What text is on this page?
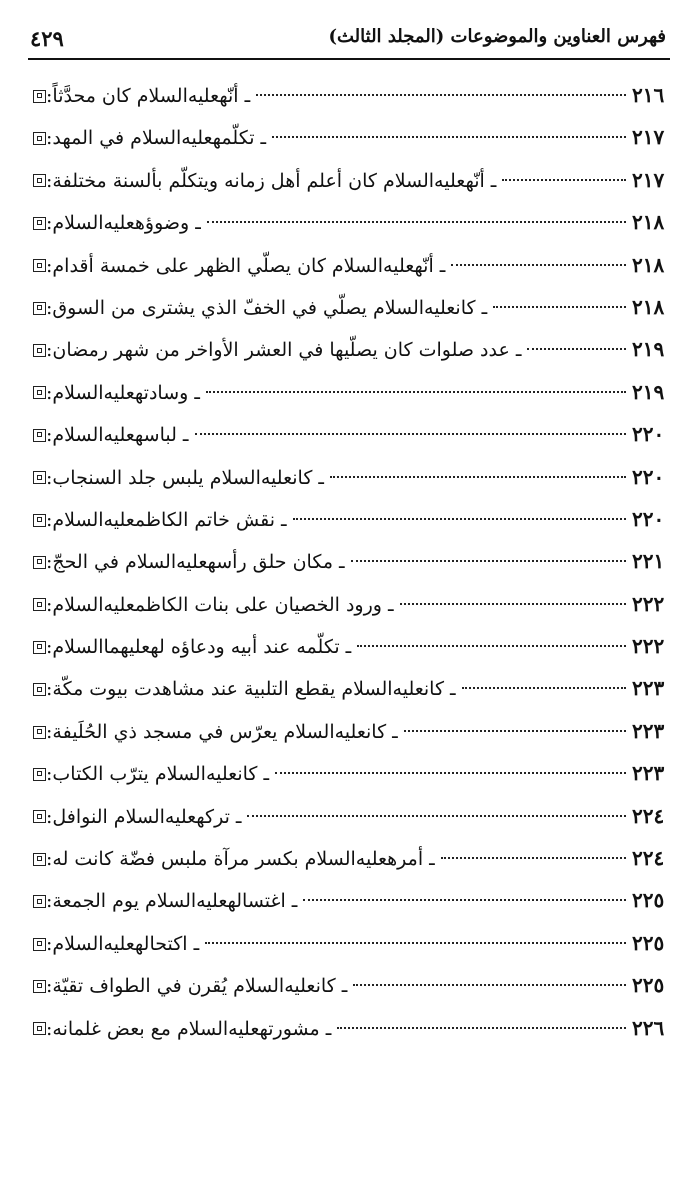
فهرس العناوين والموضوعات (المجلد الثالث)
٤٢٩
ـ أنّهعليه‌السلام كان محدَّثاً:	٢١٦
ـ تكلّمهعليه‌السلام في المهد:	٢١٧
ـ أنّهعليه‌السلام كان أعلم أهل زمانه ويتكلّم بألسنة مختلفة:	٢١٧
ـ وضوؤهعليه‌السلام:	٢١٨
ـ أنّهعليه‌السلام كان يصلّي الظهر على خمسة أقدام:	٢١٨
ـ كانعليه‌السلام يصلّي في الخفّ الذي يشترى من السوق:	٢١٨
ـ عدد صلوات كان يصلّيها في العشر الأواخر من شهر رمضان:	٢١٩
ـ وسادتهعليه‌السلام:	٢١٩
ـ لباسهعليه‌السلام:	٢٢٠
ـ كانعليه‌السلام يلبس جلد السنجاب:	٢٢٠
ـ نقش خاتم الكاظمعليه‌السلام:	٢٢٠
ـ مكان حلق رأسهعليه‌السلام في الحجّ:	٢٢١
ـ ورود الخصيان على بنات الكاظمعليه‌السلام:	٢٢٢
ـ تكلّمه عند أبيه ودعاؤه لهعليهما‌السلام:	٢٢٢
ـ كانعليه‌السلام يقطع التلبية عند مشاهدت بيوت مكّة:	٢٢٣
ـ كانعليه‌السلام يعرّس في مسجد ذي الحُلَيفة:	٢٢٣
ـ كانعليه‌السلام يترّب الكتاب:	٢٢٣
ـ تركهعليه‌السلام النوافل:	٢٢٤
ـ أمرهعليه‌السلام بكسر مرآة ملبس فضّة كانت له:	٢٢٤
ـ اغتسالهعليه‌السلام يوم الجمعة:	٢٢٥
ـ اكتحالهعليه‌السلام:	٢٢٥
ـ كانعليه‌السلام يُقرن في الطواف تقيّة:	٢٢٥
ـ مشورتهعليه‌السلام مع بعض غلمانه:	٢٢٦
